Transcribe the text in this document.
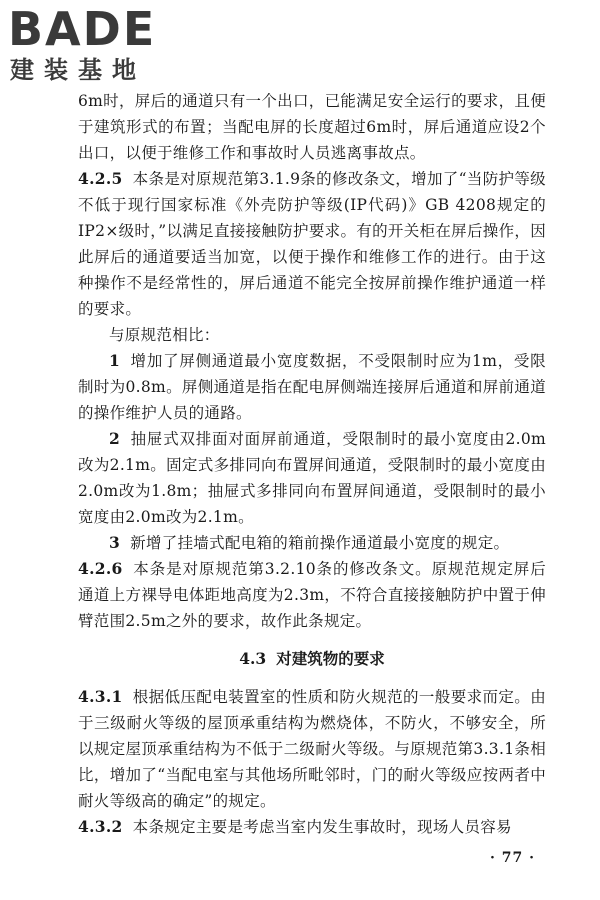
BADE
建装基地

6m时，屏后的通道只有一个出口，已能满足安全运行的要求，且便于建筑形式的布置；当配电屏的长度超过6m时，屏后通道应设2个出口，以便于维修工作和事故时人员逃离事故点。

4.2.5 本条是对原规范第3.1.9条的修改条文，增加了“当防护等级不低于现行国家标准《外壳防护等级(IP代码)》GB 4208规定的IP2×级时，”以满足直接接触防护要求。有的开关柜在屏后操作，因此屏后的通道要适当加宽，以便于操作和维修工作的进行。由于这种操作不是经常性的，屏后通道不能完全按屏前操作维护通道一样的要求。

与原规范相比：

1 增加了屏侧通道最小宽度数据，不受限制时应为1m，受限制时为0.8m。屏侧通道是指在配电屏侧端连接屏后通道和屏前通道的操作维护人员的通路。

2 抽屉式双排面对面屏前通道，受限制时的最小宽度由2.0m改为2.1m。固定式多排同向布置屏间通道，受限制时的最小宽度由2.0m改为1.8m；抽屉式多排同向布置屏间通道，受限制时的最小宽度由2.0m改为2.1m。

3 新增了挂墙式配电箱的箱前操作通道最小宽度的规定。

4.2.6 本条是对原规范第3.2.10条的修改条文。原规范规定屏后通道上方裸导电体距地高度为2.3m，不符合直接接触防护中置于伸臂范围2.5m之外的要求，故作此条规定。

4.3 对建筑物的要求

4.3.1 根据低压配电装置室的性质和防火规范的一般要求而定。由于三级耐火等级的屋顶承重结构为燃烧体，不防火，不够安全，所以规定屋顶承重结构为不低于二级耐火等级。与原规范第3.3.1条相比，增加了“当配电室与其他场所毗邻时，门的耐火等级应按两者中耐火等级高的确定”的规定。

4.3.2 本条规定主要是考虑当室内发生事故时，现场人员容易

· 77 ·
